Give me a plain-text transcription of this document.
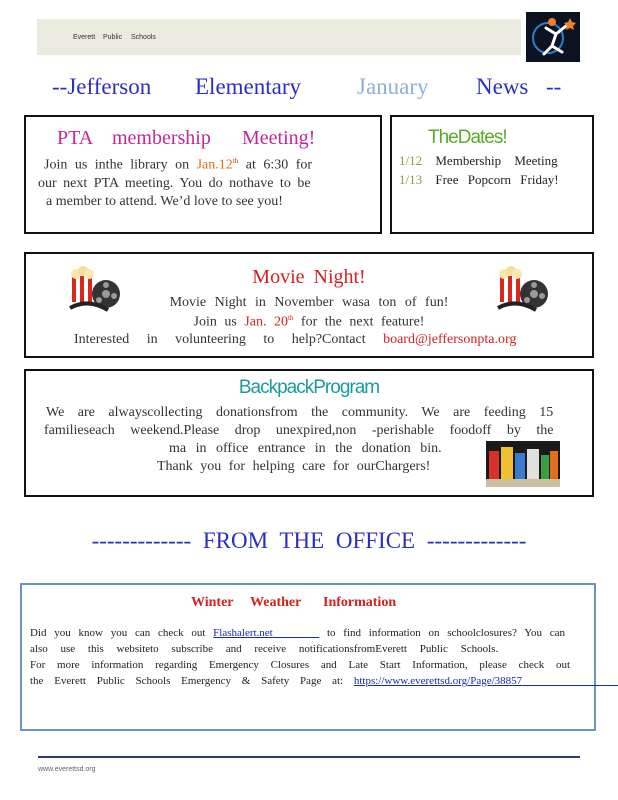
Everett Public Schools
--Jefferson Elementary January News --
PTA membership Meeting!
Join us inthe library on Jan.12th at 6:30 for
our next PTA meeting. You do nothave to be
a member to attend. We’d love to see you!
TheDates!
1/12 Membership Meeting
1/13 Free Popcorn Friday!
Movie Night!
Movie Night in November wasa ton of fun!
Join us Jan. 20th for the next feature!
Interested in volunteering to help?Contact board@jeffersonpta.org
BackpackProgram
We are alwayscollecting donationsfrom the community. We are feeding 15
familieseach weekend.Please drop unexpired,non -perishable foodoff by the
ma in office entrance in the donation bin.
Thank you for helping care for ourChargers!
------------- FROM THE OFFICE -------------
Winter Weather Information
Did you know you can check out Flashalert.net	to find information on schoolclosures? You can
also use this websiteto subscribe and receive notificationsfromEverett Public Schools.
For more information regarding Emergency Closures and Late Start Information, please check out
the Everett Public Schools Emergency & Safety Page at: https://www.everettsd.org/Page/38857
www.everettsd.org
